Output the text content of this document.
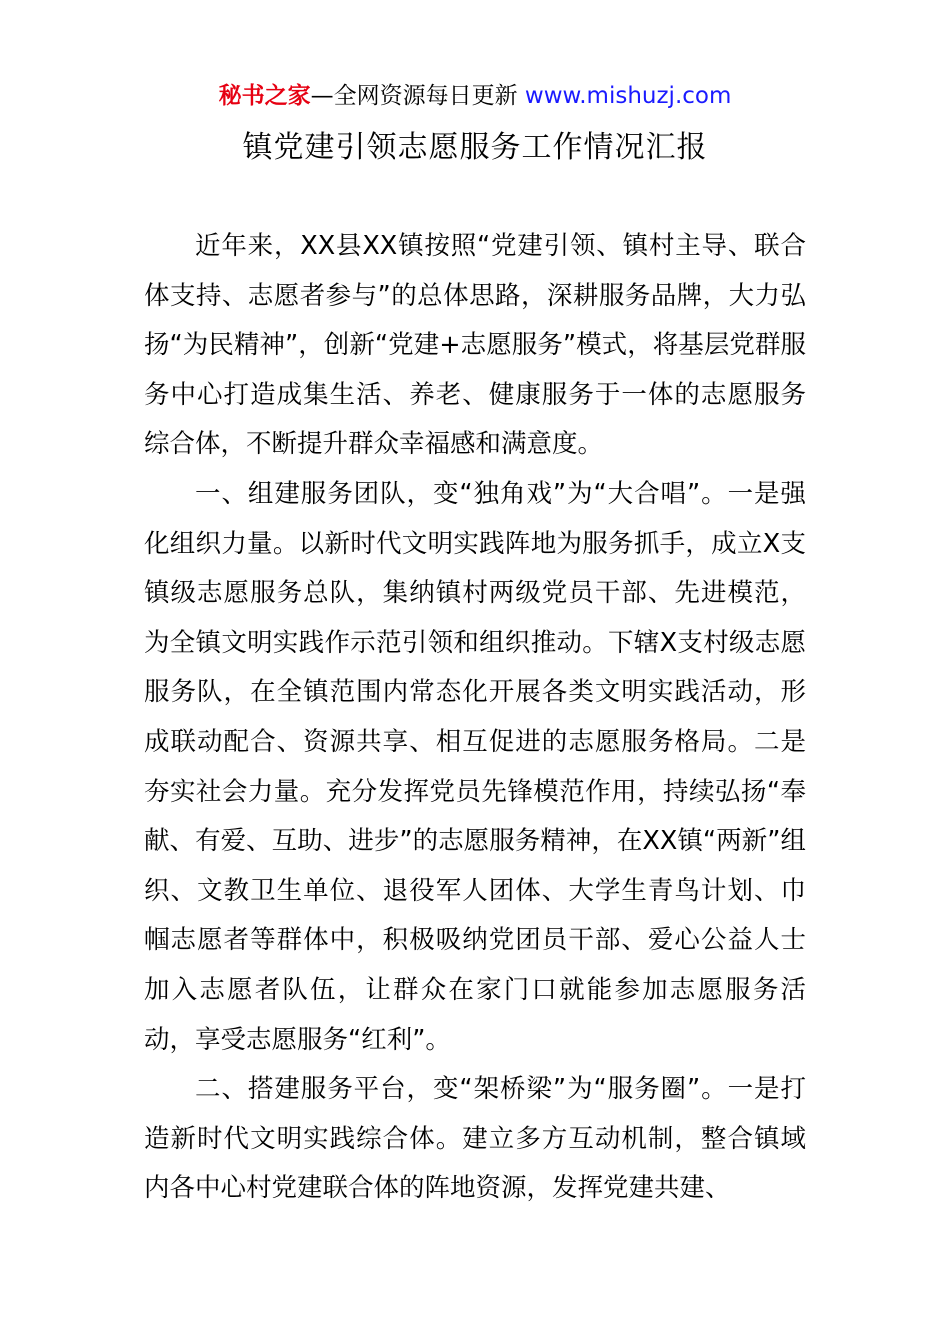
秘书之家—全网资源每日更新 www.mishuzj.com
镇党建引领志愿服务工作情况汇报

近年来，XX县XX镇按照“党建引领、镇村主导、联合体支持、志愿者参与”的总体思路，深耕服务品牌，大力弘扬“为民精神”，创新“党建+志愿服务”模式，将基层党群服务中心打造成集生活、养老、健康服务于一体的志愿服务综合体，不断提升群众幸福感和满意度。

一、组建服务团队，变“独角戏”为“大合唱”。一是强化组织力量。以新时代文明实践阵地为服务抓手，成立X支镇级志愿服务总队，集纳镇村两级党员干部、先进模范，为全镇文明实践作示范引领和组织推动。下辖X支村级志愿服务队，在全镇范围内常态化开展各类文明实践活动，形成联动配合、资源共享、相互促进的志愿服务格局。二是夯实社会力量。充分发挥党员先锋模范作用，持续弘扬“奉献、有爱、互助、进步”的志愿服务精神，在XX镇“两新”组织、文教卫生单位、退役军人团体、大学生青鸟计划、巾帼志愿者等群体中，积极吸纳党团员干部、爱心公益人士加入志愿者队伍，让群众在家门口就能参加志愿服务活动，享受志愿服务“红利”。

二、搭建服务平台，变“架桥梁”为“服务圈”。一是打造新时代文明实践综合体。建立多方互动机制，整合镇域内各中心村党建联合体的阵地资源，发挥党建共建、
